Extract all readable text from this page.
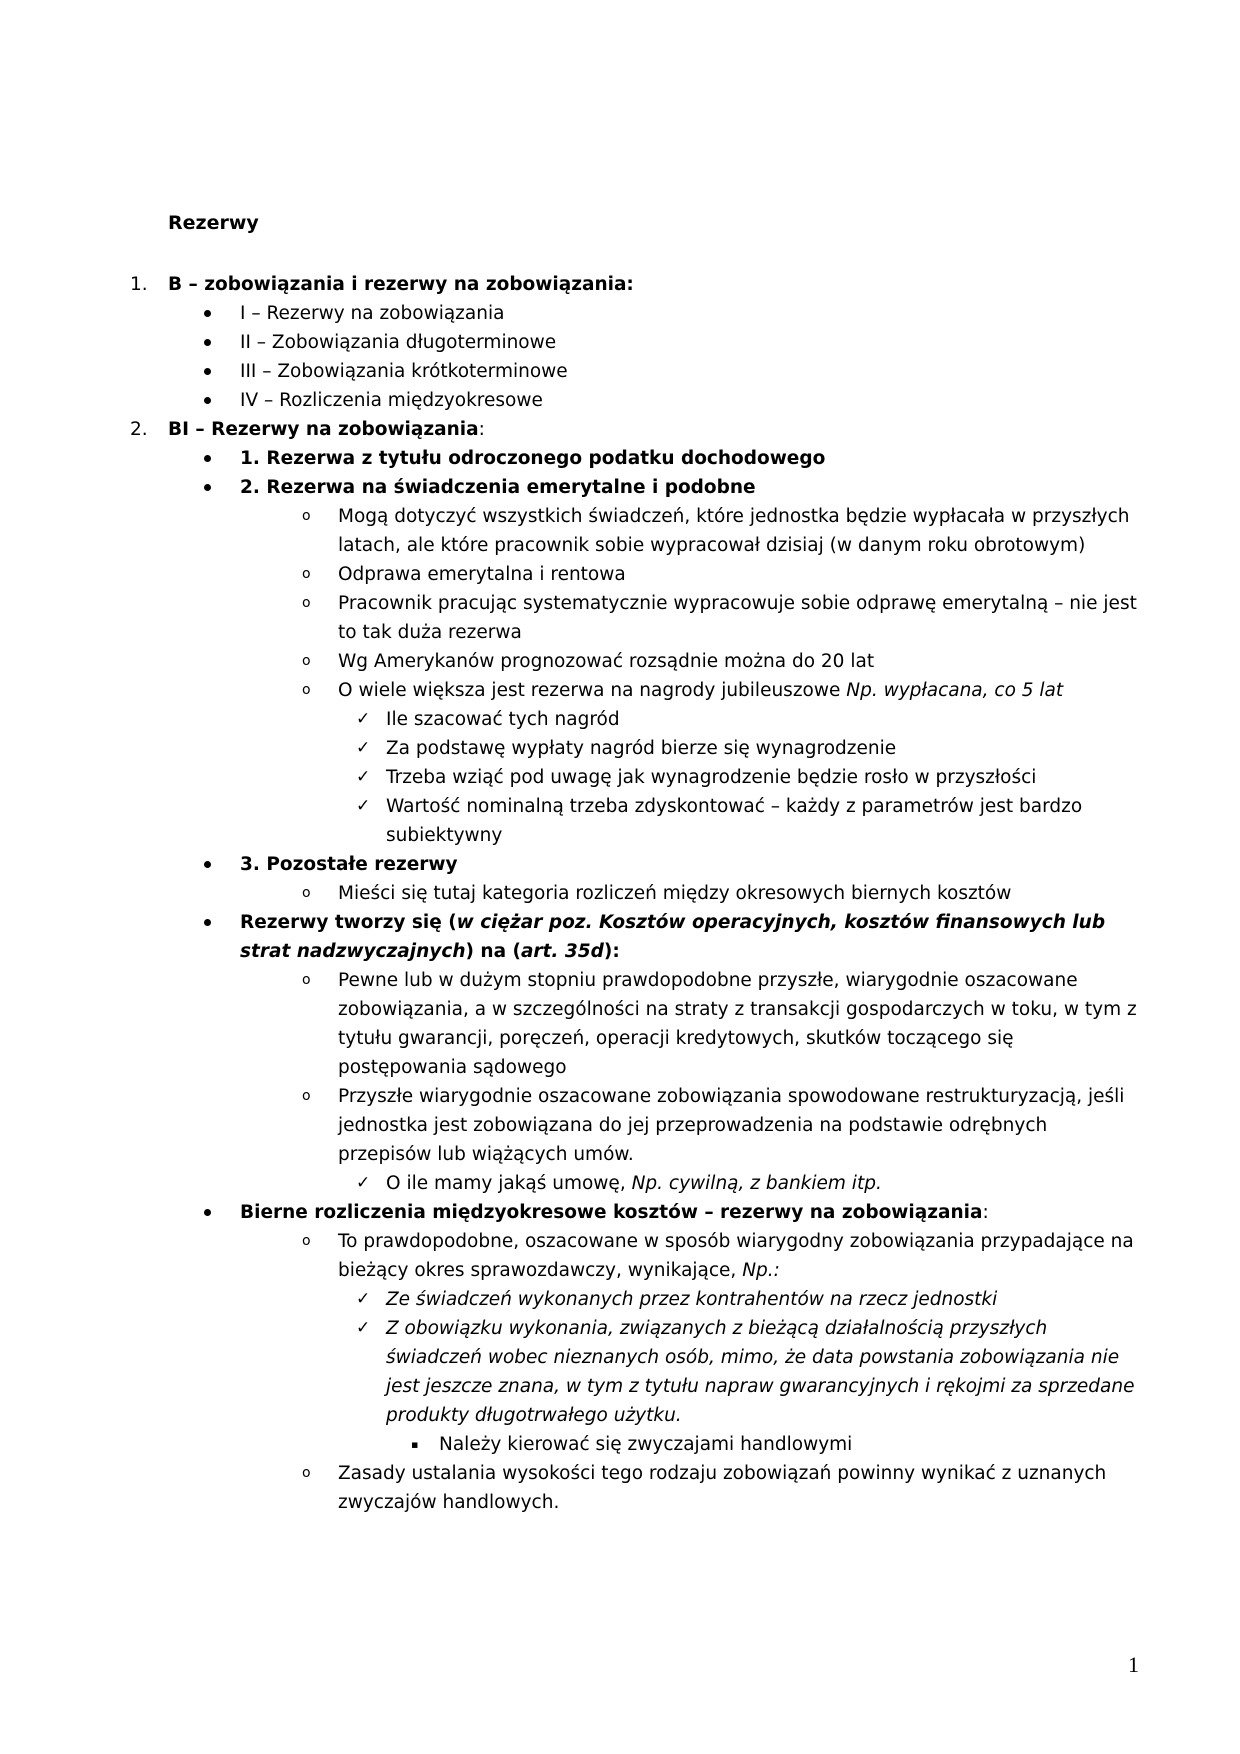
Rezerwy
1.	B – zobowiązania i rezerwy na zobowiązania:
I – Rezerwy na zobowiązania
II – Zobowiązania długoterminowe
III – Zobowiązania krótkoterminowe
IV – Rozliczenia międzyokresowe
2.	BI – Rezerwy na zobowiązania:
1. Rezerwa z tytułu odroczonego podatku dochodowego
2. Rezerwa na świadczenia emerytalne i podobne
o	Mogą dotyczyć wszystkich świadczeń, które jednostka będzie wypłacała w przyszłych latach, ale które pracownik sobie wypracował dzisiaj (w danym roku obrotowym)
o	Odprawa emerytalna i rentowa
o	Pracownik pracując systematycznie wypracowuje sobie odprawę emerytalną – nie jest to tak duża rezerwa
o	Wg Amerykanów prognozować rozsądnie można do 20 lat
o	O wiele większa jest rezerwa na nagrody jubileuszowe Np. wypłacana, co 5 lat
✓ Ile szacować tych nagród
✓ Za podstawę wypłaty nagród bierze się wynagrodzenie
✓ Trzeba wziąć pod uwagę jak wynagrodzenie będzie rosło w przyszłości
✓ Wartość nominalną trzeba zdyskontować – każdy z parametrów jest bardzo subiektywny
3. Pozostałe rezerwy
o	Mieści się tutaj kategoria rozliczeń między okresowych biernych kosztów
Rezerwy tworzy się (w ciężar poz. Kosztów operacyjnych, kosztów finansowych lub strat nadzwyczajnych) na (art. 35d):
o	Pewne lub w dużym stopniu prawdopodobne przyszłe, wiarygodnie oszacowane zobowiązania, a w szczególności na straty z transakcji gospodarczych w toku, w tym z tytułu gwarancji, poręczeń, operacji kredytowych, skutków toczącego się postępowania sądowego
o	Przyszłe wiarygodnie oszacowane zobowiązania spowodowane restrukturyzacją, jeśli jednostka jest zobowiązana do jej przeprowadzenia na podstawie odrębnych przepisów lub wiążących umów.
✓ O ile mamy jakąś umowę, Np. cywilną, z bankiem itp.
Bierne rozliczenia międzyokresowe kosztów – rezerwy na zobowiązania:
o	To prawdopodobne, oszacowane w sposób wiarygodny zobowiązania przypadające na bieżący okres sprawozdawczy, wynikające, Np.:
✓ Ze świadczeń wykonanych przez kontrahentów na rzecz jednostki
✓ Z obowiązku wykonania, związanych z bieżącą działalnością przyszłych świadczeń wobec nieznanych osób, mimo, że data powstania zobowiązania nie jest jeszcze znana, w tym z tytułu napraw gwarancyjnych i rękojmi za sprzedane produkty długotrwałego użytku.
▪	Należy kierować się zwyczajami handlowymi
o	Zasady ustalania wysokości tego rodzaju zobowiązań powinny wynikać z uznanych zwyczajów handlowych.
1
